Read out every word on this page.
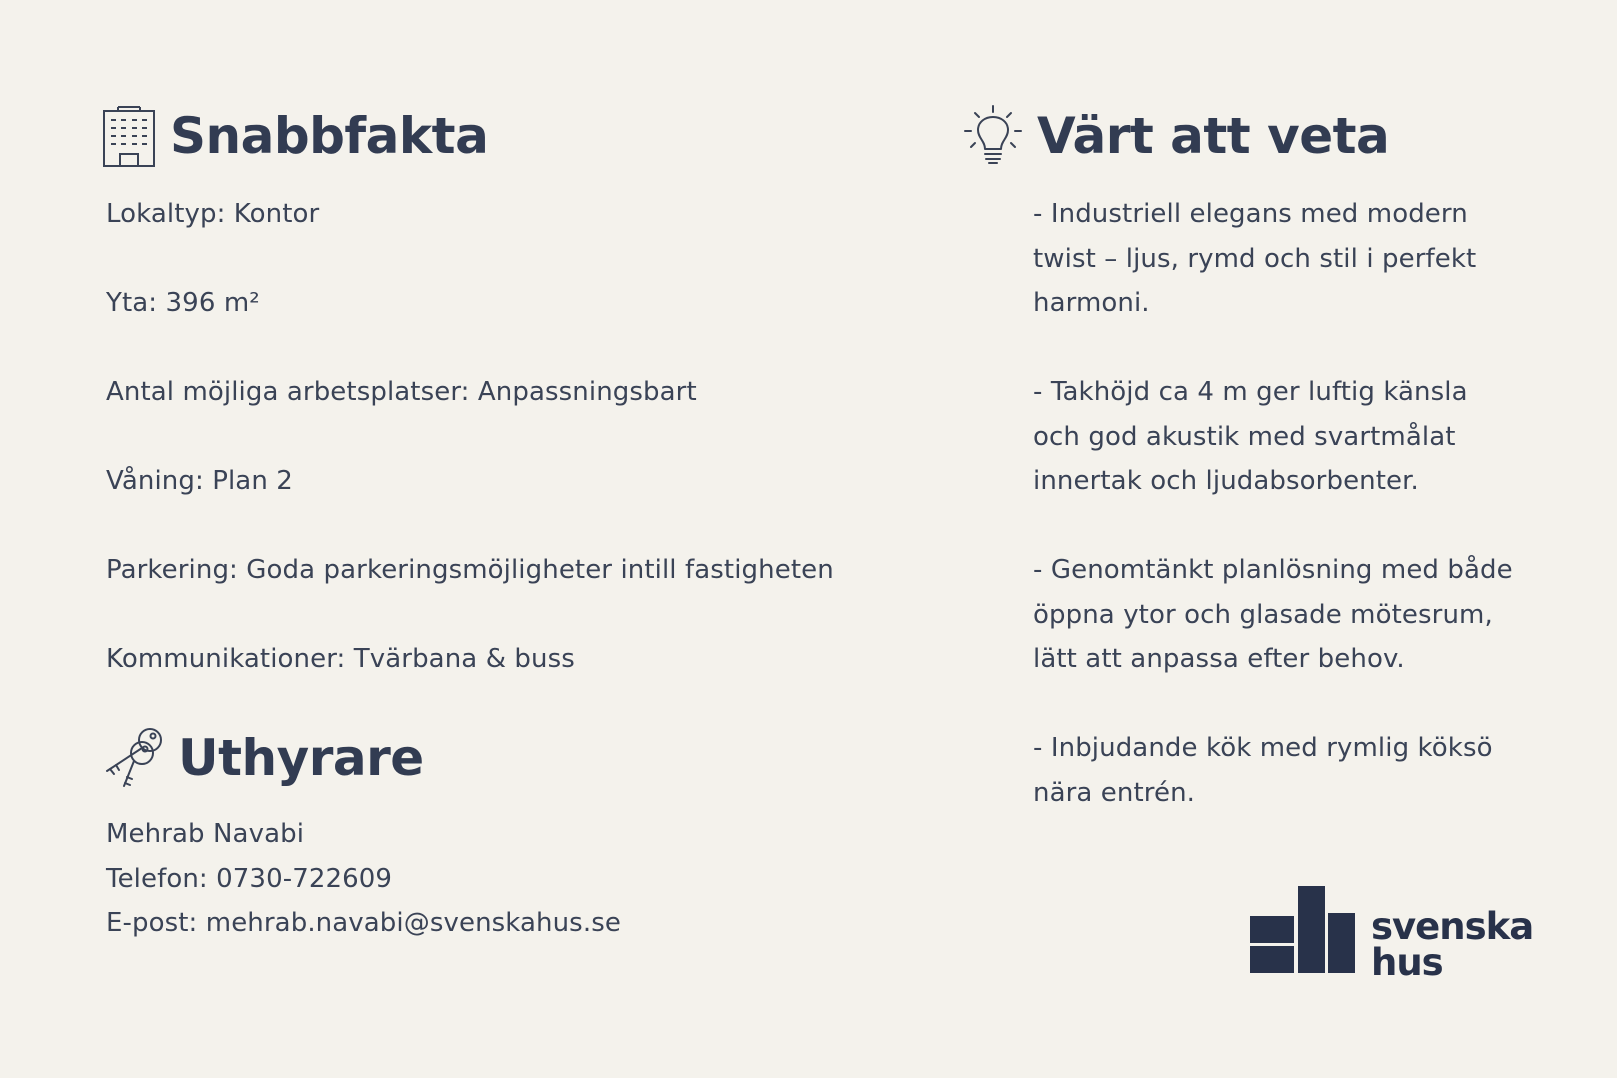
Snabbfakta
Lokaltyp: Kontor
Yta: 396 m²
Antal möjliga arbetsplatser: Anpassningsbart
Våning: Plan 2
Parkering: Goda parkeringsmöjligheter intill fastigheten
Kommunikationer: Tvärbana & buss
Uthyrare
Mehrab Navabi
Telefon: 0730-722609
E-post: mehrab.navabi@svenskahus.se
Värt att veta
- Industriell elegans med modern twist – ljus, rymd och stil i perfekt harmoni.
- Takhöjd ca 4 m ger luftig känsla och god akustik med svartmålat innertak och ljudabsorbenter.
- Genomtänkt planlösning med både öppna ytor och glasade mötesrum, lätt att anpassa efter behov.
- Inbjudande kök med rymlig köksö nära entrén.
svenska
hus
